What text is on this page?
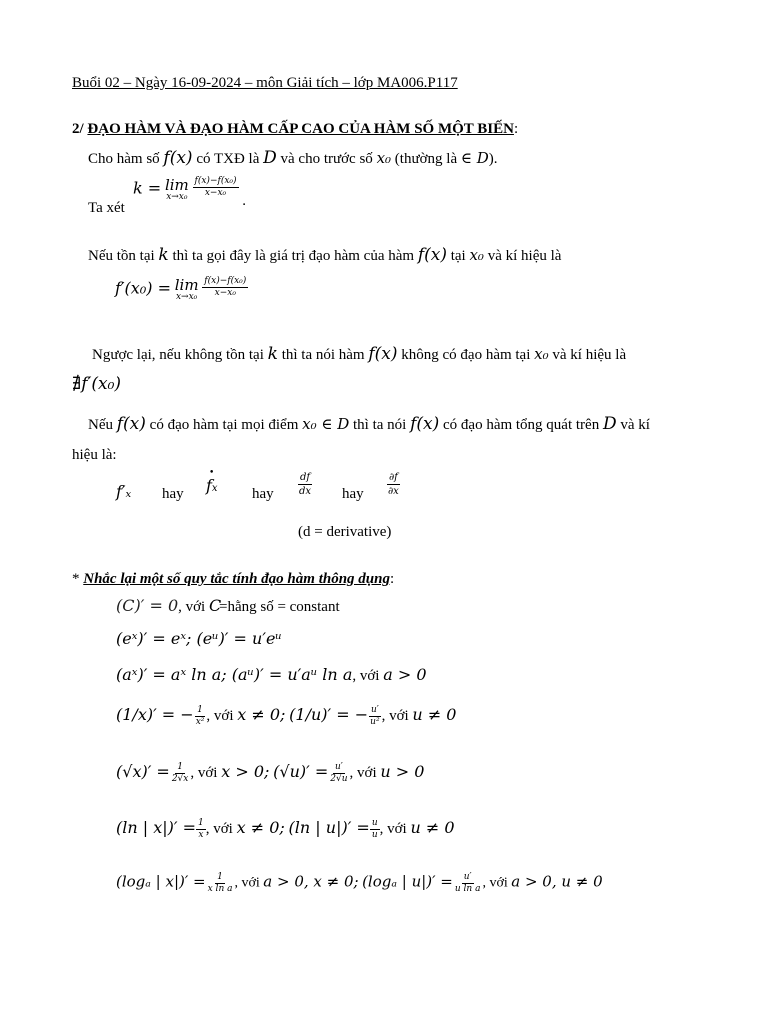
Buổi 02 – Ngày 16-09-2024 – môn Giải tích – lớp MA006.P117
2/ ĐẠO HÀM VÀ ĐẠO HÀM CẤP CAO CỦA HÀM SỐ MỘT BIẾN:
Cho hàm số f(x) có TXĐ là D và cho trước số x₀ (thường là ∈ D).
Ta xét
k = lim
x→x₀
$\frac{\text{f(x)−f(x₀)}}{\text{x−x₀}}$
.
Nếu tồn tại k thì ta gọi đây là giá trị đạo hàm của hàm f(x) tại x₀ và kí hiệu là
f′(x₀) = lim
x→x₀
$\frac{\text{f(x)−f(x₀)}}{\text{x−x₀}}$
Ngược lại, nếu không tồn tại k thì ta nói hàm f(x) không có đạo hàm tại x₀ và kí hiệu là
∄f′(x₀)
Nếu f(x) có đạo hàm tại mọi điểm x₀ ∈ D thì ta nói f(x) có đạo hàm tổng quát trên D và kí
hiệu là:
f′ₓ hay
•
fx hay $\frac{df}{dx}$ hay $\frac{\partial f}{\partial x}$
(d = derivative)
* Nhắc lại một số quy tắc tính đạo hàm thông dụng:
(C)′ = 0, với C =hằng số = constant
(eˣ)′ = eˣ; (eᵘ)′ = u′eᵘ
(aˣ)′ = aˣ ln a; (aᵘ)′ = u′aᵘ ln a, với a > 0
(1/x)′ = − $\frac{1}{\text{x²}}$ , với x ≠ 0; (1/u)′ = − $\frac{u'}{\text{u²}}$ , với u ≠ 0
$(√x)' = \frac{1}{2√x}$ , với x > 0; $(√u)' = \frac{u'}{2√u}$ , với u > 0
(ln | $x|)' = \frac{1}{x}$ , với x ≠ 0; (ln | $u|)' = \frac{u}{u}$ , với u ≠ 0
(logₐ | $x|)' = \frac{1}{\text{x ln a}}$ , với a > 0, x ≠ 0; (logₐ | $u|)' = \frac{u'}{\text{u ln a}}$ , với a > 0, u ≠ 0
